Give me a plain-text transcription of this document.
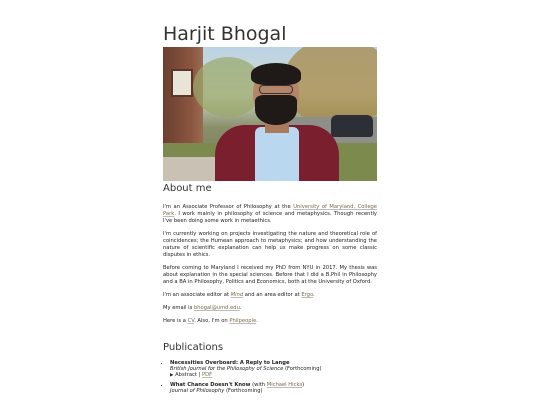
Harjit Bhogal
About me

I'm an Associate Professor of Philosophy at the University of Maryland, College Park. I work mainly in philosophy of science and metaphysics. Though recently I've been doing some work in metaethics.

I'm currently working on projects investigating the nature and theoretical role of coincidences; the Humean approach to metaphysics; and how understanding the nature of scientific explanation can help us make progress on some classic disputes in ethics.

Before coming to Maryland I received my PhD from NYU in 2017. My thesis was about explanation in the special sciences. Before that I did a B.Phil in Philosophy and a BA in Philosophy, Politics and Economics, both at the University of Oxford.

I'm an associate editor at Mind and an area editor at Ergo.

My email is bhogal@umd.edu.

Here is a CV. Also, I'm on Philpeople.

Publications
• Necessities Overboard: A Reply to Lange
British Journal for the Philosophy of Science (Forthcoming)
▶ Abstract | PDF
• What Chance Doesn't Know (with Michael Hicks)
Journal of Philosophy (Forthcoming)
